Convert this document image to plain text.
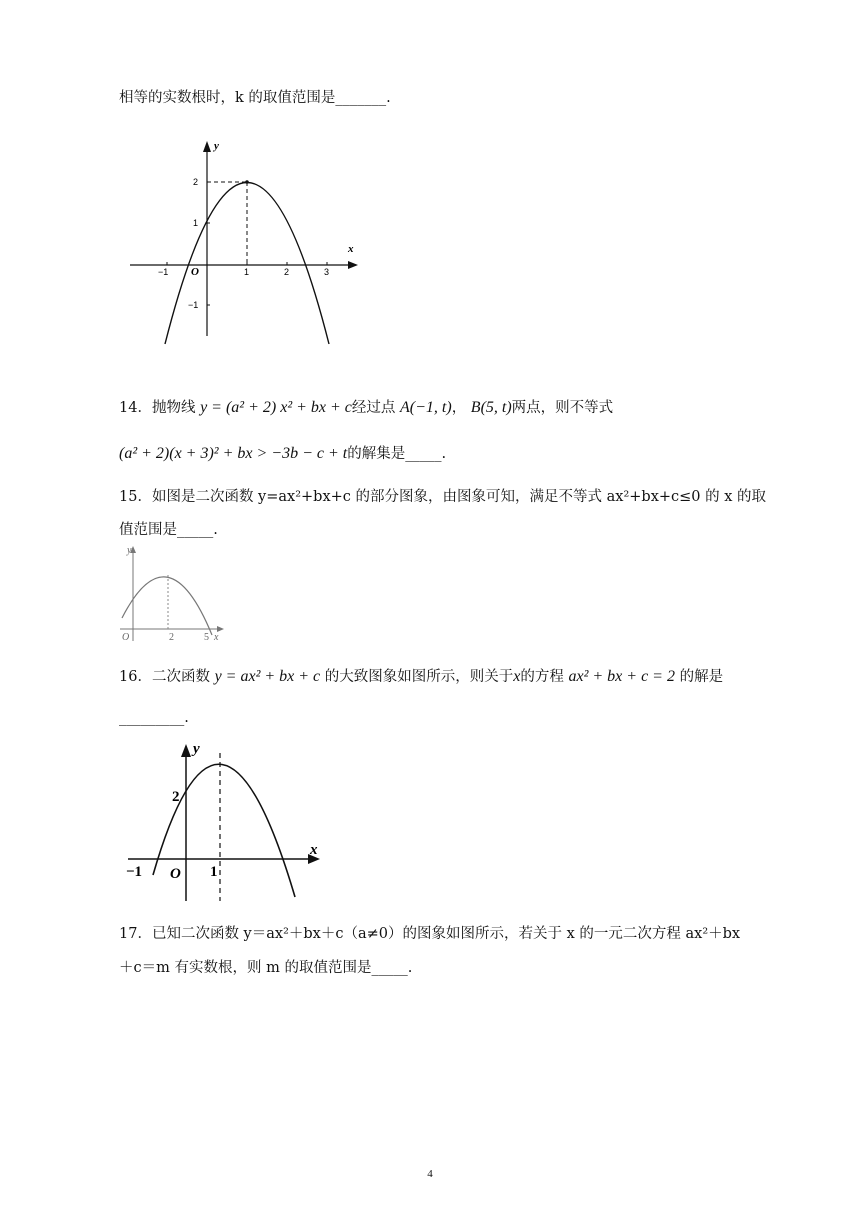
相等的实数根时，k 的取值范围是_______.
y
x
O
−1	1	2	3
2
1
−1
14．抛物线 y = (a² + 2) x² + bx + c经过点 A(−1, t)， B(5, t)两点，则不等式
(a² + 2)(x + 3)² + bx > −3b − c + t的解集是_____.
15．如图是二次函数 y=ax²+bx+c 的部分图象，由图象可知，满足不等式 ax²+bx+c≤0 的 x 的取
值范围是_____.
y
x
O	2	5
16．二次函数 y = ax² + bx + c 的大致图象如图所示，则关于x的方程 ax² + bx + c = 2 的解是
_________.
y
x
O
−1	1
2
17．已知二次函数 y＝ax²＋bx＋c（a≠0）的图象如图所示，若关于 x 的一元二次方程 ax²＋bx
＋c＝m 有实数根，则 m 的取值范围是_____.
4
